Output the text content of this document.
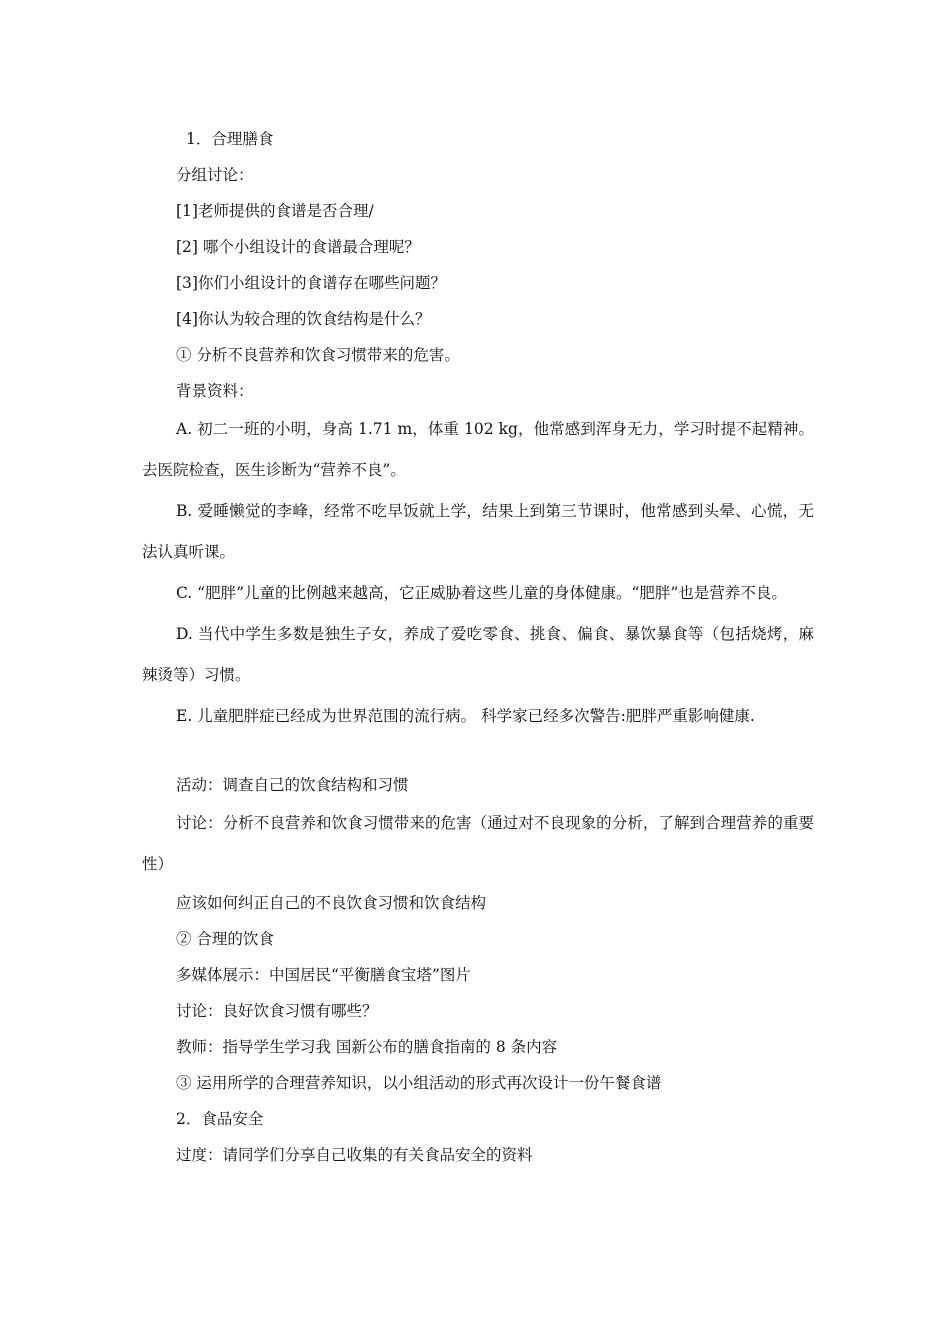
1．合理膳食
分组讨论：
[1]老师提供的食谱是否合理/
[2] 哪个小组设计的食谱最合理呢？
[3]你们小组设计的食谱存在哪些问题？
[4]你认为较合理的饮食结构是什么？
① 分析不良营养和饮食习惯带来的危害。
背景资料：

A. 初二一班的小明，身高 1.71 m，体重 102 kg，他常感到浑身无力，学习时提不起精神。去医院检查，医生诊断为“营养不良”。

B. 爱睡懒觉的李峰，经常不吃早饭就上学，结果上到第三节课时，他常感到头晕、心慌，无法认真听课。

C. “肥胖”儿童的比例越来越高，它正威胁着这些儿童的身体健康。“肥胖”也是营养不良。

D. 当代中学生多数是独生子女，养成了爱吃零食、挑食、偏食、暴饮暴食等（包括烧烤，麻辣烫等）习惯。

E. 儿童肥胖症已经成为世界范围的流行病。 科学家已经多次警告:肥胖严重影响健康.

活动：调查自己的饮食结构和习惯

讨论：分析不良营养和饮食习惯带来的危害（通过对不良现象的分析，了解到合理营养的重要性）

应该如何纠正自己的不良饮食习惯和饮食结构
② 合理的饮食
多媒体展示：中国居民“平衡膳食宝塔”图片
讨论：良好饮食习惯有哪些？
教师：指导学生学习我 国新公布的膳食指南的 8 条内容
③ 运用所学的合理营养知识，以小组活动的形式再次设计一份午餐食谱
2．食品安全
过度：请同学们分享自己收集的有关食品安全的资料
